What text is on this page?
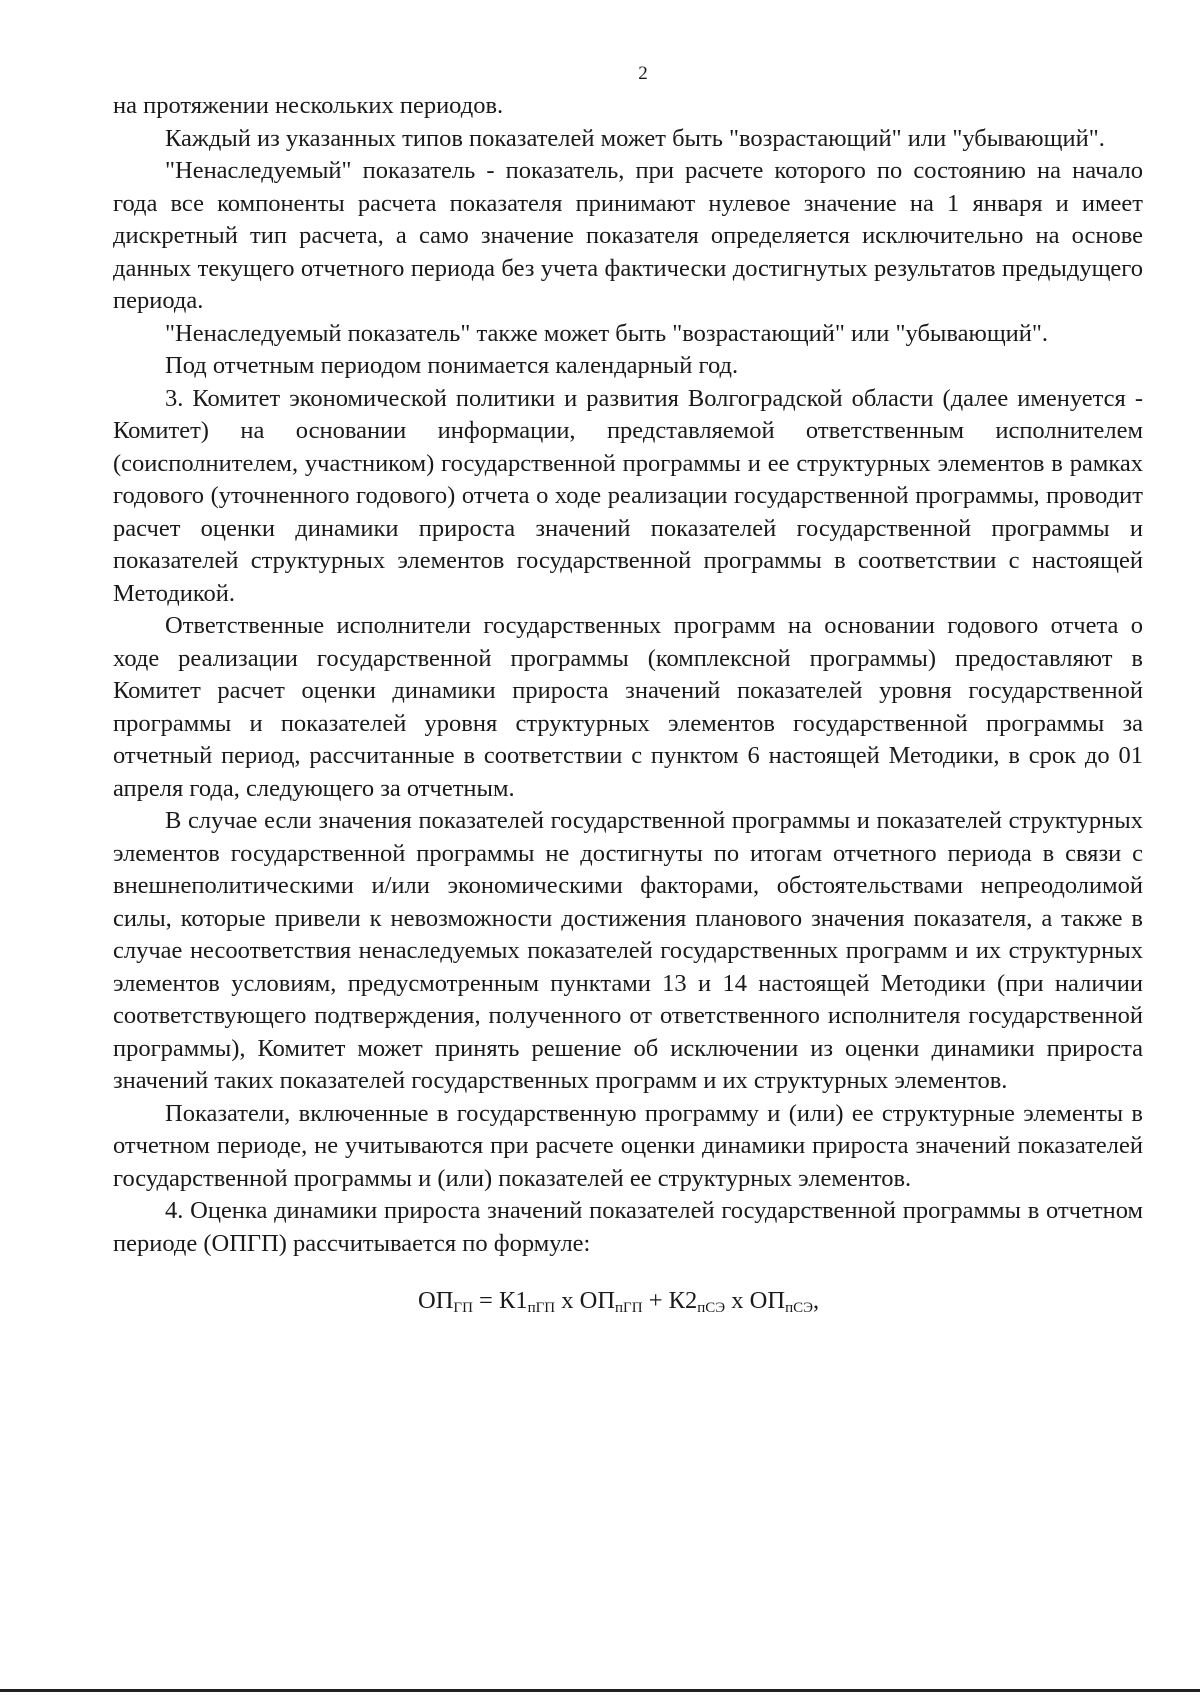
2

на протяжении нескольких периодов.

Каждый из указанных типов показателей может быть "возрастающий" или "убывающий".

"Ненаследуемый" показатель - показатель, при расчете которого по состоянию на начало года все компоненты расчета показателя принимают нулевое значение на 1 января и имеет дискретный тип расчета, а само значение показателя определяется исключительно на основе данных текущего отчетного периода без учета фактически достигнутых результатов предыдущего периода.

"Ненаследуемый показатель" также может быть "возрастающий" или "убывающий".

Под отчетным периодом понимается календарный год.

3. Комитет экономической политики и развития Волгоградской области (далее именуется - Комитет) на основании информации, представляемой ответственным исполнителем (соисполнителем, участником) государственной программы и ее структурных элементов в рамках годового (уточненного годового) отчета о ходе реализации государственной программы, проводит расчет оценки динамики прироста значений показателей государственной программы и показателей структурных элементов государственной программы в соответствии с настоящей Методикой.

Ответственные исполнители государственных программ на основании годового отчета о ходе реализации государственной программы (комплексной программы) предоставляют в Комитет расчет оценки динамики прироста значений показателей уровня государственной программы и показателей уровня структурных элементов государственной программы за отчетный период, рассчитанные в соответствии с пунктом 6 настоящей Методики, в срок до 01 апреля года, следующего за отчетным.

В случае если значения показателей государственной программы и показателей структурных элементов государственной программы не достигнуты по итогам отчетного периода в связи с внешнеполитическими и/или экономическими факторами, обстоятельствами непреодолимой силы, которые привели к невозможности достижения планового значения показателя, а также в случае несоответствия ненаследуемых показателей государственных программ и их структурных элементов условиям, предусмотренным пунктами 13 и 14 настоящей Методики (при наличии соответствующего подтверждения, полученного от ответственного исполнителя государственной программы), Комитет может принять решение об исключении из оценки динамики прироста значений таких показателей государственных программ и их структурных элементов.

Показатели, включенные в государственную программу и (или) ее структурные элементы в отчетном периоде, не учитываются при расчете оценки динамики прироста значений показателей государственной программы и (или) показателей ее структурных элементов.

4. Оценка динамики прироста значений показателей государственной программы в отчетном периоде (ОПГП) рассчитывается по формуле:

$ОП_{ГП} = К1_{пГП}$ x $ОП_{пГП} + К2_{пСЭ}$ x $ОП_{пСЭ}$,
